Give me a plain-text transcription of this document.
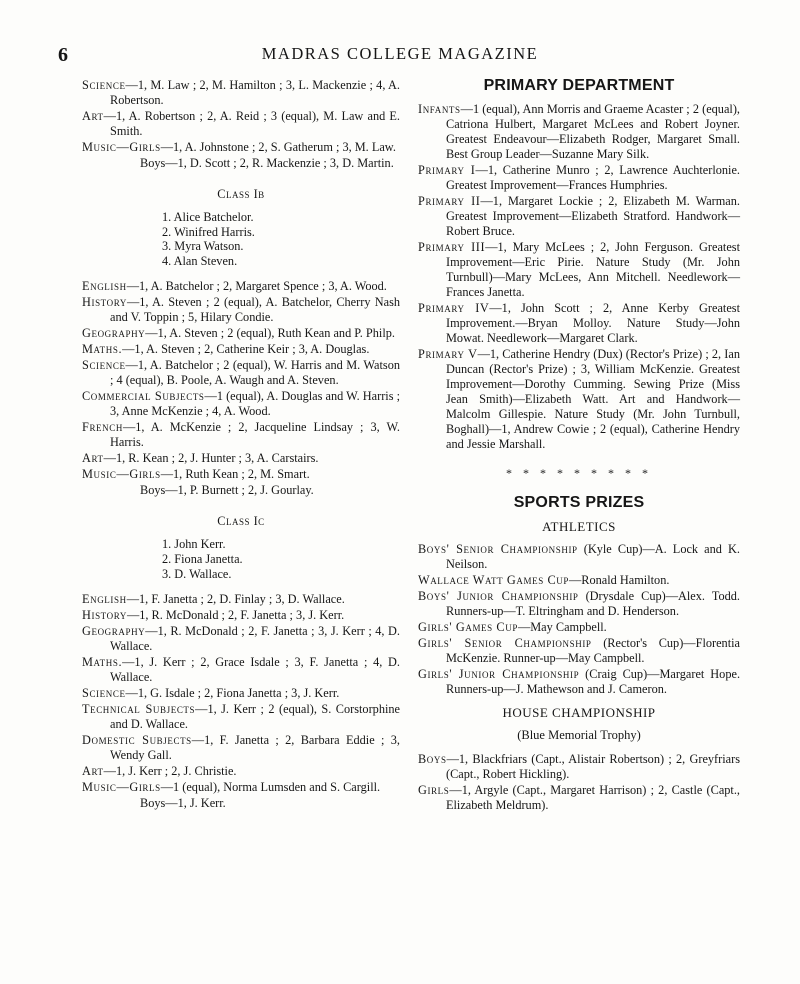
6	MADRAS COLLEGE MAGAZINE

Science—1, M. Law ; 2, M. Hamilton ; 3, L. Mackenzie ; 4, A. Robertson.

Art—1, A. Robertson ; 2, A. Reid ; 3 (equal), M. Law and E. Smith.

Music—Girls—1, A. Johnstone ; 2, S. Gatherum ; 3, M. Law.

Boys—1, D. Scott ; 2, R. Mackenzie ; 3, D. Martin.

Class Ib
1. Alice Batchelor.
2. Winifred Harris.
3. Myra Watson.
4. Alan Steven.

English—1, A. Batchelor ; 2, Margaret Spence ; 3, A. Wood.

History—1, A. Steven ; 2 (equal), A. Batchelor, Cherry Nash and V. Toppin ; 5, Hilary Condie.

Geography—1, A. Steven ; 2 (equal), Ruth Kean and P. Philp.

Maths.—1, A. Steven ; 2, Catherine Keir ; 3, A. Douglas.

Science—1, A. Batchelor ; 2 (equal), W. Harris and M. Watson ; 4 (equal), B. Poole, A. Waugh and A. Steven.

Commercial Subjects—1 (equal), A. Douglas and W. Harris ; 3, Anne McKenzie ; 4, A. Wood.

French—1, A. McKenzie ; 2, Jacqueline Lindsay ; 3, W. Harris.

Art—1, R. Kean ; 2, J. Hunter ; 3, A. Carstairs.

Music—Girls—1, Ruth Kean ; 2, M. Smart.

Boys—1, P. Burnett ; 2, J. Gourlay.

Class Ic
1. John Kerr.
2. Fiona Janetta.
3. D. Wallace.

English—1, F. Janetta ; 2, D. Finlay ; 3, D. Wallace.

History—1, R. McDonald ; 2, F. Janetta ; 3, J. Kerr.

Geography—1, R. McDonald ; 2, F. Janetta ; 3, J. Kerr ; 4, D. Wallace.

Maths.—1, J. Kerr ; 2, Grace Isdale ; 3, F. Janetta ; 4, D. Wallace.

Science—1, G. Isdale ; 2, Fiona Janetta ; 3, J. Kerr.

Technical Subjects—1, J. Kerr ; 2 (equal), S. Corstorphine and D. Wallace.

Domestic Subjects—1, F. Janetta ; 2, Barbara Eddie ; 3, Wendy Gall.

Art—1, J. Kerr ; 2, J. Christie.

Music—Girls—1 (equal), Norma Lumsden and S. Cargill.

Boys—1, J. Kerr.

PRIMARY DEPARTMENT

Infants—1 (equal), Ann Morris and Graeme Acaster ; 2 (equal), Catriona Hulbert, Margaret McLees and Robert Joyner. Greatest Endeavour—Elizabeth Rodger, Margaret Small. Best Group Leader—Suzanne Mary Silk.

Primary I—1, Catherine Munro ; 2, Lawrence Auchterlonie. Greatest Improvement—Frances Humphries.

Primary II—1, Margaret Lockie ; 2, Elizabeth M. Warman. Greatest Improvement—Elizabeth Stratford. Handwork—Robert Bruce.

Primary III—1, Mary McLees ; 2, John Ferguson. Greatest Improvement—Eric Pirie. Nature Study (Mr. John Turnbull)—Mary McLees, Ann Mitchell. Needlework—Frances Janetta.

Primary IV—1, John Scott ; 2, Anne Kerby Greatest Improvement.—Bryan Molloy. Nature Study—John Mowat. Needlework—Margaret Clark.

Primary V—1, Catherine Hendry (Dux) (Rector's Prize) ; 2, Ian Duncan (Rector's Prize) ; 3, William McKenzie. Greatest Improvement—Dorothy Cumming. Sewing Prize (Miss Jean Smith)—Elizabeth Watt. Art and Handwork—Malcolm Gillespie. Nature Study (Mr. John Turnbull, Boghall)—1, Andrew Cowie ; 2 (equal), Catherine Hendry and Jessie Marshall.

* * * * * * * * *
SPORTS PRIZES
ATHLETICS

Boys' Senior Championship (Kyle Cup)—A. Lock and K. Neilson.

Wallace Watt Games Cup—Ronald Hamilton.

Boys' Junior Championship (Drysdale Cup)—Alex. Todd. Runners-up—T. Eltringham and D. Henderson.

Girls' Games Cup—May Campbell.

Girls' Senior Championship (Rector's Cup)—Florentia McKenzie. Runner-up—May Campbell.

Girls' Junior Championship (Craig Cup)—Margaret Hope. Runners-up—J. Mathewson and J. Cameron.

HOUSE CHAMPIONSHIP
(Blue Memorial Trophy)

Boys—1, Blackfriars (Capt., Alistair Robertson) ; 2, Greyfriars (Capt., Robert Hickling).

Girls—1, Argyle (Capt., Margaret Harrison) ; 2, Castle (Capt., Elizabeth Meldrum).
